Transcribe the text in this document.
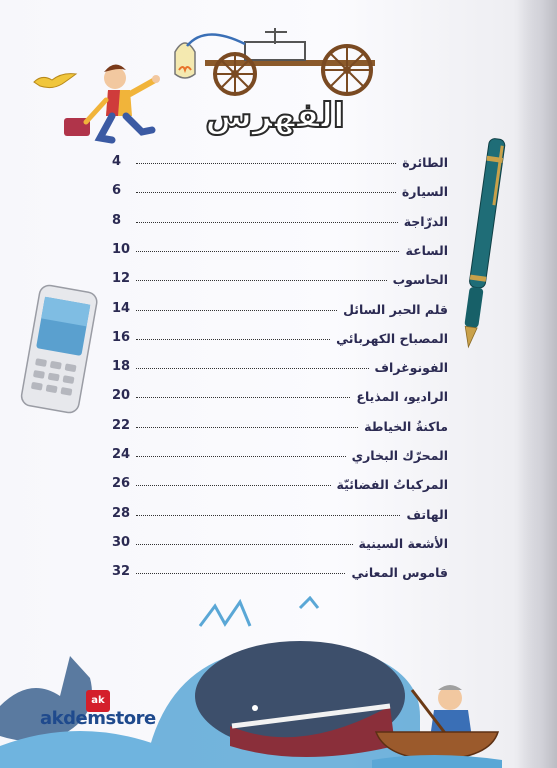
الفهرس
4	الطائرة
6	السيارة
8	الدرّاجة
10	الساعة
12	الحاسوب
14	قلم الحبر السائل
16	المصباح الكهربائي
18	الفونوغراف
20	الراديو، المذياع
22	ماكنةُ الخياطة
24	المحرّك البخاري
26	المركباتُ الفضائيّة
28	الهاتف
30	الأشعة السينية
32	قاموس المعاني
ak
akdemstore
